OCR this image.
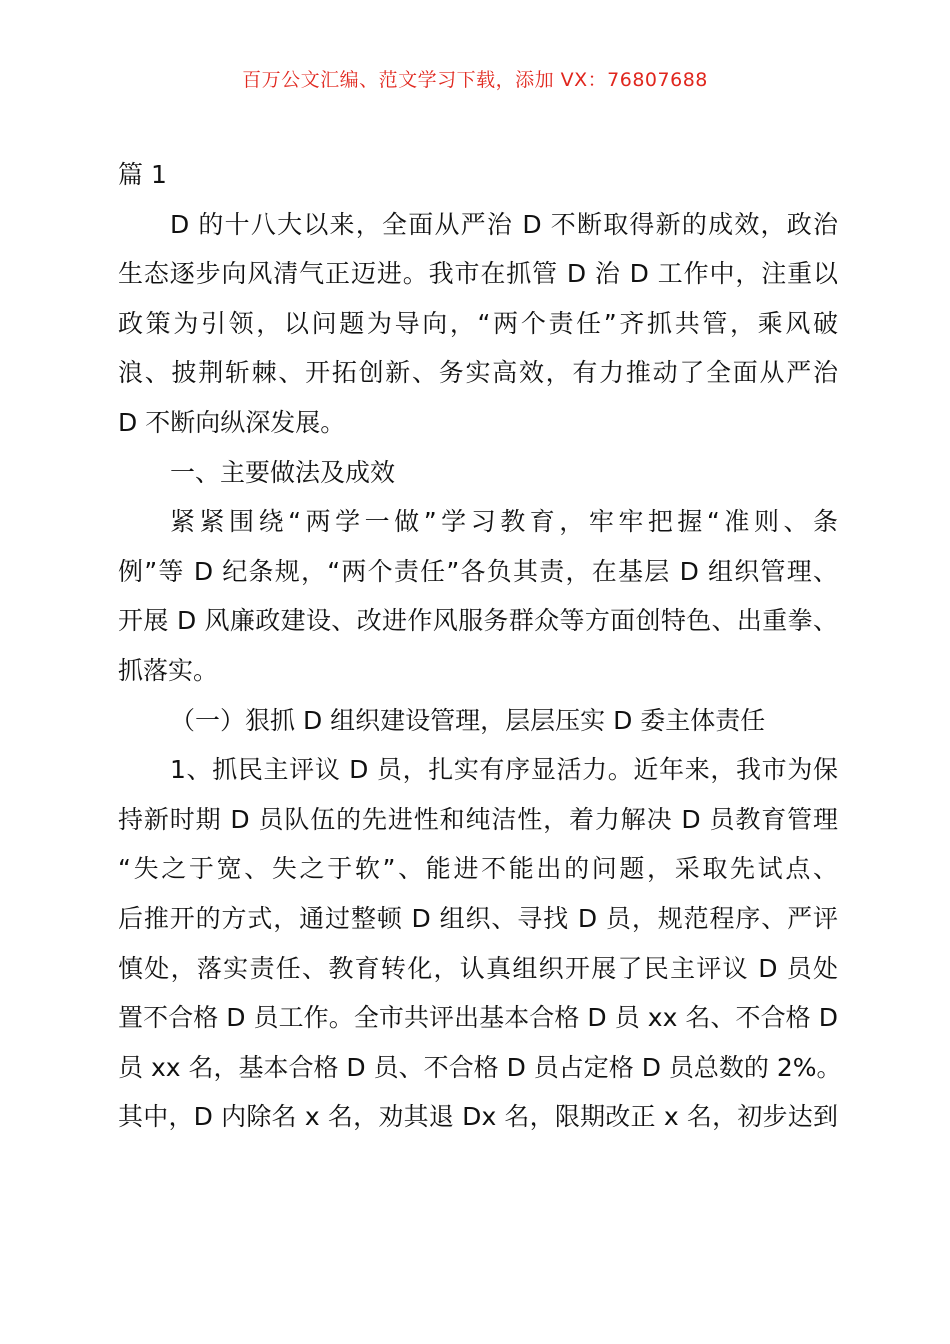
百万公文汇编、范文学习下载，添加 VX：76807688
篇 1
D 的十八大以来，全面从严治 D 不断取得新的成效，政治
生态逐步向风清气正迈进。我市在抓管 D 治 D 工作中，注重以
政策为引领，以问题为导向，“两个责任”齐抓共管，乘风破
浪、披荆斩棘、开拓创新、务实高效，有力推动了全面从严治
D 不断向纵深发展。
一、主要做法及成效
紧紧围绕“两学一做”学习教育，牢牢把握“准则、条
例”等 D 纪条规，“两个责任”各负其责，在基层 D 组织管理、
开展 D 风廉政建设、改进作风服务群众等方面创特色、出重拳、
抓落实。
（一）狠抓 D 组织建设管理，层层压实 D 委主体责任
1、抓民主评议 D 员，扎实有序显活力。近年来，我市为保
持新时期 D 员队伍的先进性和纯洁性，着力解决 D 员教育管理
“失之于宽、失之于软”、能进不能出的问题，采取先试点、
后推开的方式，通过整顿 D 组织、寻找 D 员，规范程序、严评
慎处，落实责任、教育转化，认真组织开展了民主评议 D 员处
置不合格 D 员工作。全市共评出基本合格 D 员 xx 名、不合格 D
员 xx 名，基本合格 D 员、不合格 D 员占定格 D 员总数的 2%。
其中，D 内除名 x 名，劝其退 Dx 名，限期改正 x 名，初步达到
